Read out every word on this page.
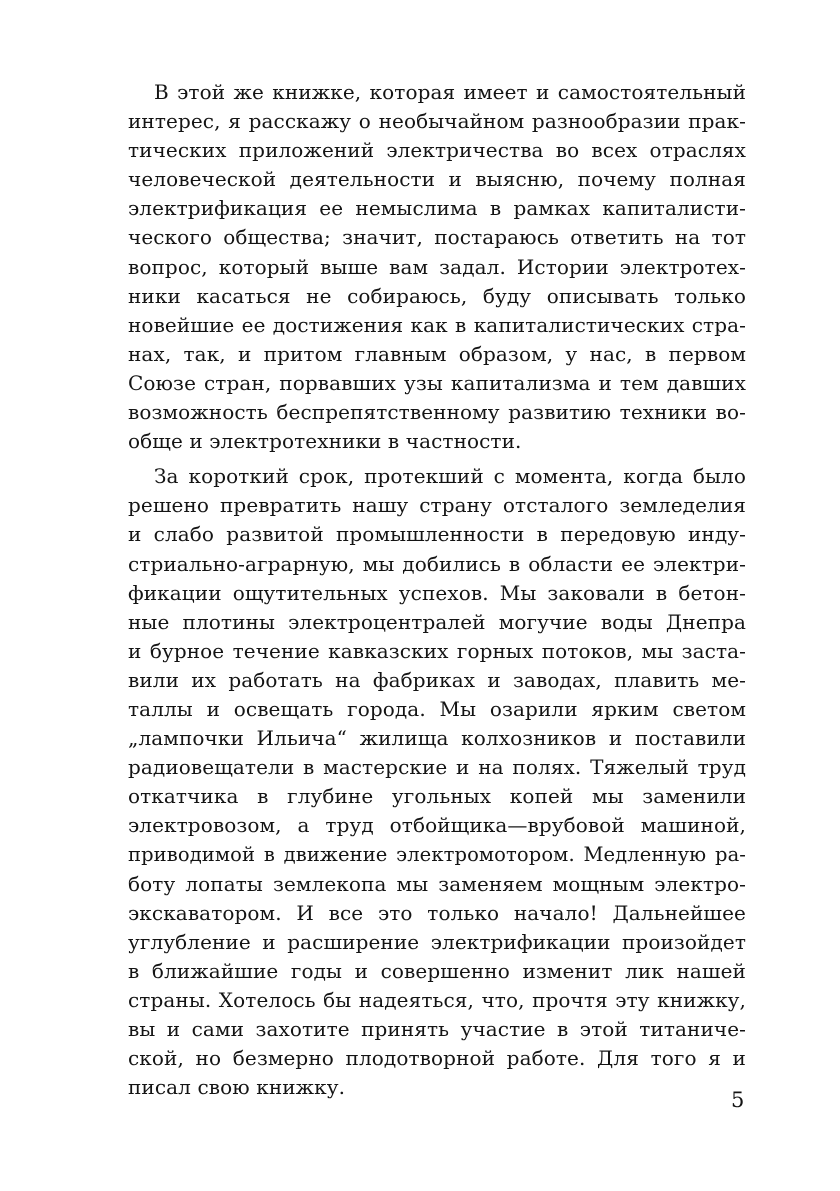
В этой же книжке, которая имеет и самостоятельный
интерес, я расскажу о необычайном разнообразии прак-
тических приложений электричества во всех отраслях
человеческой деятельности и выясню, почему полная
электрификация ее немыслима в рамках капиталисти-
ческого общества; значит, постараюсь ответить на тот
вопрос, который выше вам задал. Истории электротех-
ники касаться не собираюсь, буду описывать только
новейшие ее достижения как в капиталистических стра-
нах, так, и притом главным образом, у нас, в первом
Союзе стран, порвавших узы капитализма и тем давших
возможность беспрепятственному развитию техники во-
обще и электротехники в частности.
За короткий срок, протекший с момента, когда было
решено превратить нашу страну отсталого земледелия
и слабо развитой промышленности в передовую инду-
стриально-аграрную, мы добились в области ее электри-
фикации ощутительных успехов. Мы заковали в бетон-
ные плотины электроцентралей могучие воды Днепра
и бурное течение кавказских горных потоков, мы заста-
вили их работать на фабриках и заводах, плавить ме-
таллы и освещать города. Мы озарили ярким светом
„лампочки Ильича“ жилища колхозников и поставили
радиовещатели в мастерские и на полях. Тяжелый труд
откатчика в глубине угольных копей мы заменили
электровозом, а труд отбойщика—врубовой машиной,
приводимой в движение электромотором. Медленную ра-
боту лопаты землекопа мы заменяем мощным электро-
экскаватором. И все это только начало! Дальнейшее
углубление и расширение электрификации произойдет
в ближайшие годы и совершенно изменит лик нашей
страны. Хотелось бы надеяться, что, прочтя эту книжку,
вы и сами захотите принять участие в этой титаниче-
ской, но безмерно плодотворной работе. Для того я и
писал свою книжку.
5
